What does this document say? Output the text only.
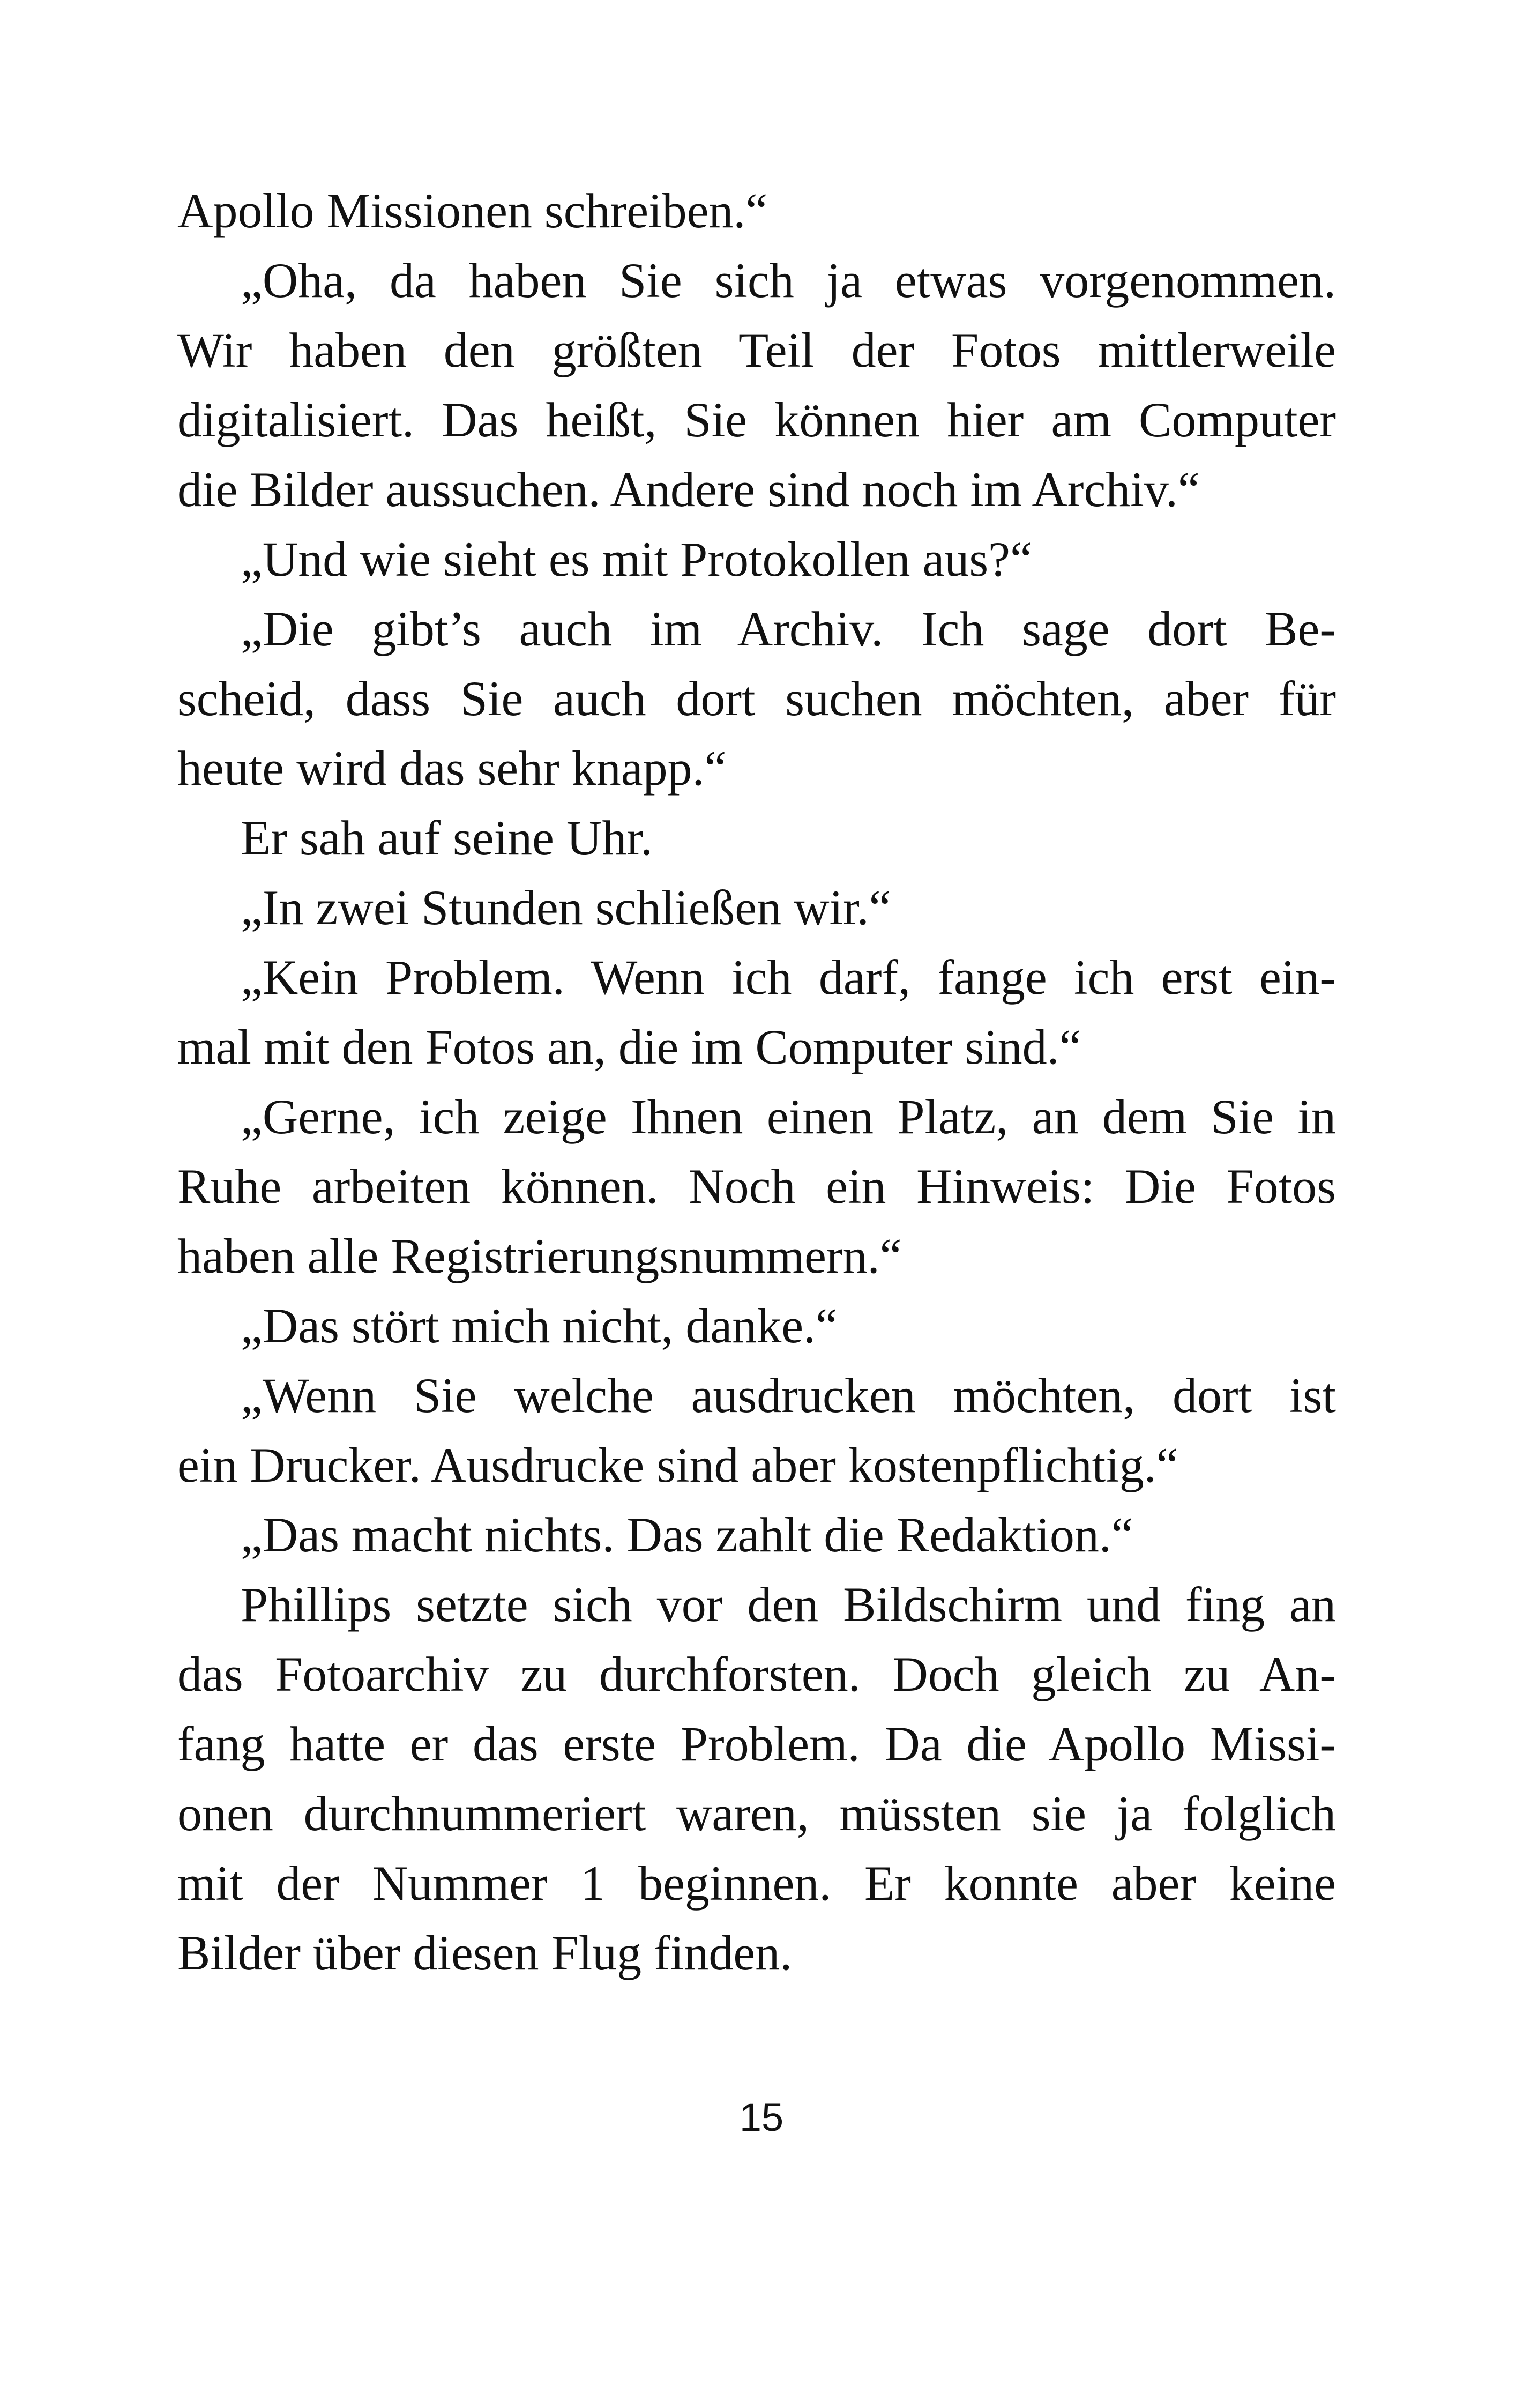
Apollo Missionen schreiben.“
„Oha, da haben Sie sich ja etwas vorgenommen.
Wir haben den größten Teil der Fotos mittlerweile
digitalisiert. Das heißt, Sie können hier am Computer
die Bilder aussuchen. Andere sind noch im Archiv.“
„Und wie sieht es mit Protokollen aus?“
„Die gibt’s auch im Archiv. Ich sage dort Be-
scheid, dass Sie auch dort suchen möchten, aber für
heute wird das sehr knapp.“
Er sah auf seine Uhr.
„In zwei Stunden schließen wir.“
„Kein Problem. Wenn ich darf, fange ich erst ein-
mal mit den Fotos an, die im Computer sind.“
„Gerne, ich zeige Ihnen einen Platz, an dem Sie in
Ruhe arbeiten können. Noch ein Hinweis: Die Fotos
haben alle Registrierungsnummern.“
„Das stört mich nicht, danke.“
„Wenn Sie welche ausdrucken möchten, dort ist
ein Drucker. Ausdrucke sind aber kostenpflichtig.“
„Das macht nichts. Das zahlt die Redaktion.“
Phillips setzte sich vor den Bildschirm und fing an
das Fotoarchiv zu durchforsten. Doch gleich zu An-
fang hatte er das erste Problem. Da die Apollo Missi-
onen durchnummeriert waren, müssten sie ja folglich
mit der Nummer 1 beginnen. Er konnte aber keine
Bilder über diesen Flug finden.
15
